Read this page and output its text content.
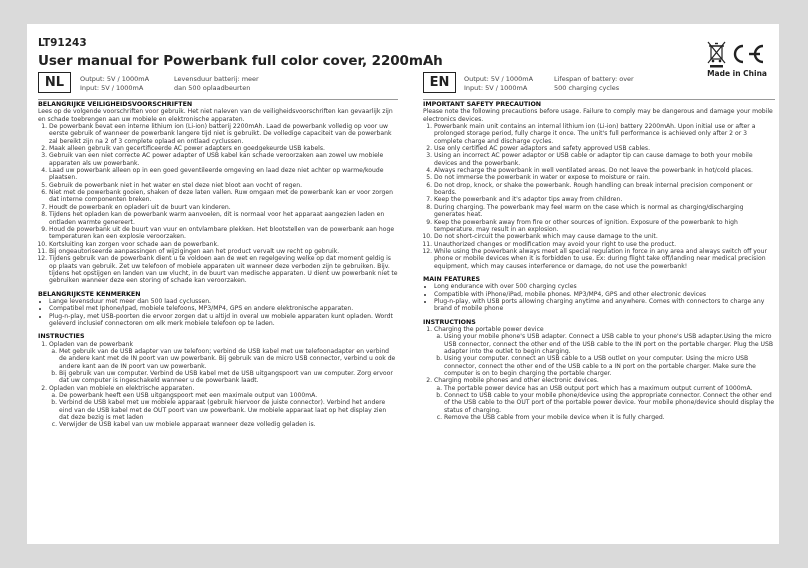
LT91243
User manual for Powerbank full color cover, 2200mAh
Made in China
NL	Output: 5V / 1000mA
Input: 5V / 1000mA
Levensduur batterij: meer
dan 500 oplaadbeurten	EN	Output: 5V / 1000mA
Input: 5V / 1000mA
Lifespan of battery: over
500 charging cycles
BELANGRIJKE VEILIGHEIDSVOORSCHRIFTEN

Lees op de volgende voorschriften voor gebruik. Het niet naleven van de veiligheidsvoorschriften kan gevaarlijk zijn en schade toebrengen aan uw mobiele en elektronische apparaten.

1. De powerbank bevat een interne lithium ion (Li-ion) batterij 2200mAh. Laad de powerbank volledig op voor uw eerste gebruik of wanneer de powerbank langere tijd niet is gebruikt. De volledige capaciteit van de powerbank zal bereikt zijn na 2 of 3 complete oplaad en ontlaad cyclussen.
2. Maak alleen gebruik van gecertificeerde AC power adapters en goedgekeurde USB kabels.
3. Gebruik van een niet correcte AC power adapter of USB kabel kan schade veroorzaken aan zowel uw mobiele apparaten als uw powerbank.
4. Laad uw powerbank alleen op in een goed geventileerde omgeving en laad deze niet achter op warme/koude plaatsen.
5. Gebruik de powerbank niet in het water en stel deze niet bloot aan vocht of regen.
6. Niet met de powerbank gooien, shaken of deze laten vallen. Ruw omgaan met de powerbank kan er voor zorgen dat interne componenten breken.
7. Houdt de powerbank en opladeri uit de buurt van kinderen.
8. Tijdens het opladen kan de powerbank warm aanvoelen, dit is normaal voor het apparaat aangezien laden en ontladen warmte genereert.
9. Houd de powerbank uit de buurt van vuur en ontvlambare plekken. Het blootstellen van de powerbank aan hoge temperaturen kan een explosie veroorzaken.
10. Kortsluiting kan zorgen voor schade aan de powerbank.
11. Bij ongeautoriseerde aanpassingen of wijzigingen aan het product vervalt uw recht op gebruik.
12. Tijdens gebruik van de powerbank dient u te voldoen aan de wet en regelgeving welke op dat moment geldig is op plaats van gebruik. Zet uw telefoon of mobiele apparaten uit wanneer deze verboden zijn te gebruiken. Bijv. tijdens het opstijgen en landen van uw vlucht, in de buurt van medische apparaten. U dient uw powerbank niet te gebruiken wanneer deze een storing of schade kan veroorzaken.
BELANGRIJKSTE KENMERKEN
• Lange levensduur met meer dan 500 laad cyclussen.
• Compatibel met Iphone/Ipad, mobiele telefoons, MP3/MP4, GPS en andere elektronische apparaten.
• Plug-n-play, met USB-poorten die ervoor zorgen dat u altijd in overal uw mobiele apparaten kunt opladen. Wordt geleverd inclusief connectoren om elk merk mobiele telefoon op te laden.
INSTRUCTIES
1. Opladen van de powerbank
a. Met gebruik van de USB adapter van uw telefoon; verbind de USB kabel met uw telefoonadapter en verbind de andere kant met de IN poort van uw powerbank. Bij gebruik van de micro USB connector, verbind u ook de andere kant aan de IN poort van uw powerbank.
b. Bij gebruik van uw computer. Verbind de USB kabel met de USB uitgangspoort van uw computer. Zorg ervoor dat uw computer is ingeschakeld wanneer u de powerbank laadt.
2. Opladen van mobiele en elektrische apparaten.
a. De powerbank heeft een USB uitgangspoort met een maximale output van 1000mA.
b. Verbind de USB kabel met uw mobiele apparaat (gebruik hiervoor de juiste connector). Verbind het andere eind van de USB kabel met de OUT poort van uw powerbank. Uw mobiele apparaat laat op het display zien dat deze bezig is met laden
c. Verwijder de USB kabel van uw mobiele apparaat wanneer deze volledig geladen is.
IMPORTANT SAFETY PRECAUTION

Please note the following precautions before usage. Failure to comply may be dangerous and damage your mobile electronics devices.

1. Powerbank main unit contains an internal lithium ion (Li-ion) battery 2200mAh. Upon initial use or after a prolonged storage period, fully charge it once. The unit's full performance is achieved only after 2 or 3 complete charge and discharge cycles.
2. Use only certified AC power adaptors and safety approved USB cables.
3. Using an incorrect AC power adaptor or USB cable or adaptor tip can cause damage to both your mobile devices and the powerbank.
4. Always recharge the powerbank in well ventilated areas. Do not leave the powerbank in hot/cold places.
5. Do not immerse the powerbank in water or expose to moisture or rain.
6. Do not drop, knock, or shake the powerbank. Rough handling can break internal precision component or boards.
7. Keep the powerbank and it's adaptor tips away from children.
8. During charging. The powerbank may feel warm on the case which is normal as charging/discharging generates heat.
9. Keep the powerbank away from fire or other sources of ignition. Exposure of the powerbank to high temperature. may result in an explosion.
10. Do not short-circuit the powerbank which may cause damage to the unit.
11. Unauthorized changes or modification may avoid your right to use the product.
12. While using the powerbank always meet all special regulation in force in any area and always switch off your phone or mobile devices when it is forbidden to use. Ex: during flight take off/landing near medical precision equipment, which may causes interference or damage, do not use the powerbank!
MAIN FEATURES
• Long endurance with over 500 charging cycles
• Compatible with iPhone/iPad, mobile phones. MP3/MP4, GPS and other electronic devices
• Plug-n-play, with USB ports allowing charging anytime and anywhere. Comes with connectors to charge any brand of mobile phone
INSTRUCTIONS
1. Charging the portable power device
a. Using your mobile phone's USB adapter. Connect a USB cable to your phone's USB adapter.Using the micro USB connector, connect the other end of the USB cable to the IN port on the portable charger. Plug the USB adapter into the outlet to begin charging.
b. Using your computer. connect an USB cable to a USB outlet on your computer. Using the micro USB connector, connect the other end of the USB cable to a IN port on the portable charger. Make sure the computer is on to begin charging the portable charger.
2. Charging mobile phones and other electronic devices.
a. The portable power device has an USB output port which has a maximum output current of 1000mA.
b. Connect to USB cable to your mobile phone/device using the appropriate connector. Connect the other end of the USB cable to the OUT port of the portable power device. Your mobile phone/device should display the status of charging.
c. Remove the USB cable from your mobile device when it is fully charged.
